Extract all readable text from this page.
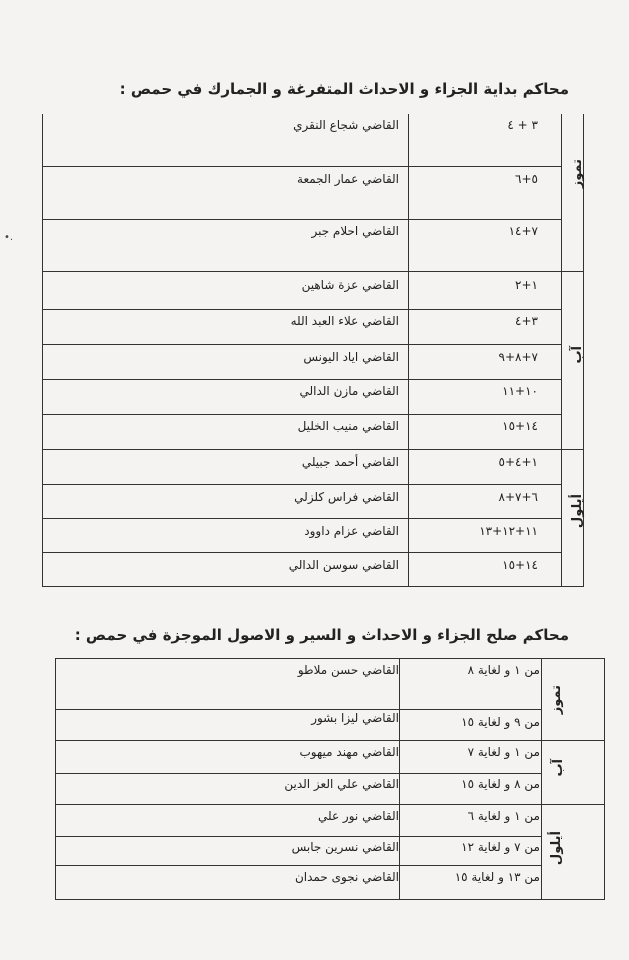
محاكم بداية الجزاء و الاحداث المتفرغة و الجمارك في حمص :
تموز
آب
أيلول
٣ + ٤
القاضي شجاع النقري
٥+٦
القاضي عمار الجمعة
٧+١٤
القاضي احلام جبر
١+٢
القاضي عزة شاهين
٣+٤
القاضي علاء العبد الله
٧+٨+٩
القاضي اياد اليونس
١٠+١١
القاضي مازن الدالي
١٤+١٥
القاضي منيب الخليل
١+٤+٥
القاضي أحمد جبيلي
٦+٧+٨
القاضي فراس كلزلي
١١+١٢+١٣
القاضي عزام داوود
١٤+١٥
القاضي سوسن الدالي
•.
محاكم صلح الجزاء و الاحداث و السير و الاصول الموجزة في حمص :
تموز
آب
أيلول
من ١ و لغاية ٨
القاضي حسن ملاطو
من ٩ و لغاية ١٥
القاضي ليزا بشور
من ١ و لغاية ٧
القاضي مهند ميهوب
من ٨ و لغاية ١٥
القاضي علي العز الدين
من ١ و لغاية ٦
القاضي نور علي
من ٧ و لغاية ١٢
القاضي نسرين جابس
من ١٣ و لغاية ١٥
القاضي نجوى حمدان
